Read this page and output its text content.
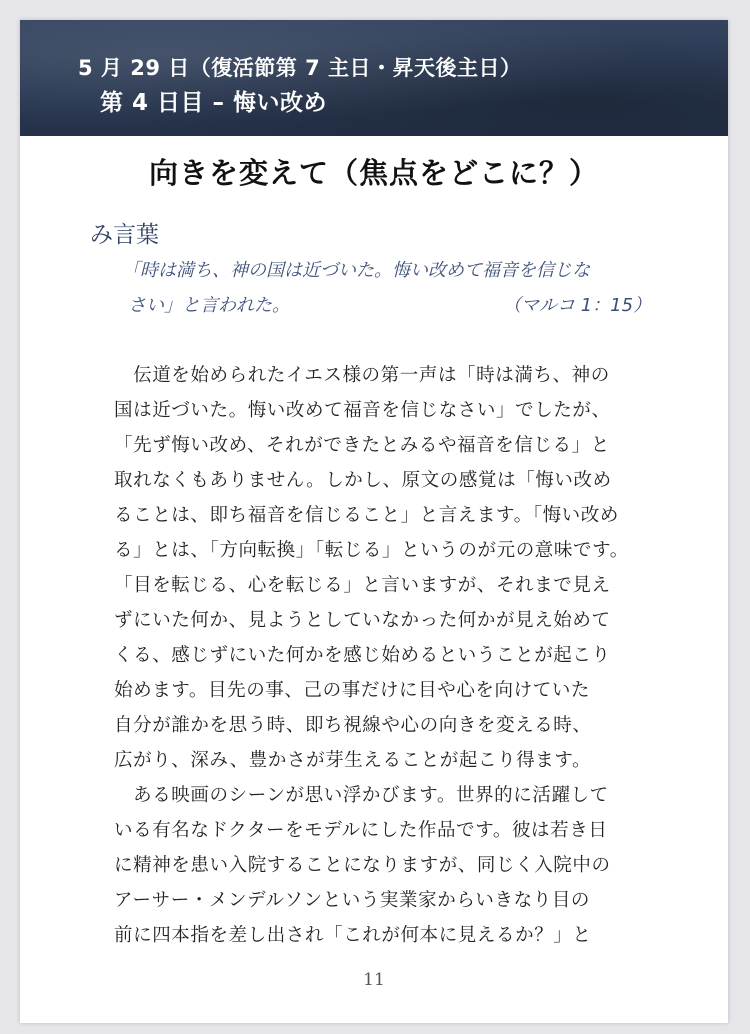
5 月 29 日（復活節第 7 主日・昇天後主日）
第 4 日目 – 悔い改め
向きを変えて（焦点をどこに？）
み言葉
「時は満ち、神の国は近づいた。悔い改めて福音を信じな
さい」と言われた。	（マルコ 1：15）
　伝道を始められたイエス様の第一声は「時は満ち、神の
国は近づいた。悔い改めて福音を信じなさい」でしたが、
「先ず悔い改め、それができたとみるや福音を信じる」と
取れなくもありません。しかし、原文の感覚は「悔い改め
ることは、即ち福音を信じること」と言えます。「悔い改め
る」とは、「方向転換」「転じる」というのが元の意味です。
「目を転じる、心を転じる」と言いますが、それまで見え
ずにいた何か、見ようとしていなかった何かが見え始めて
くる、感じずにいた何かを感じ始めるということが起こり
始めます。目先の事、己の事だけに目や心を向けていた
自分が誰かを思う時、即ち視線や心の向きを変える時、
広がり、深み、豊かさが芽生えることが起こり得ます。
　ある映画のシーンが思い浮かびます。世界的に活躍して
いる有名なドクターをモデルにした作品です。彼は若き日
に精神を患い入院することになりますが、同じく入院中の
アーサー・メンデルソンという実業家からいきなり目の
前に四本指を差し出され「これが何本に見えるか？」と
11
